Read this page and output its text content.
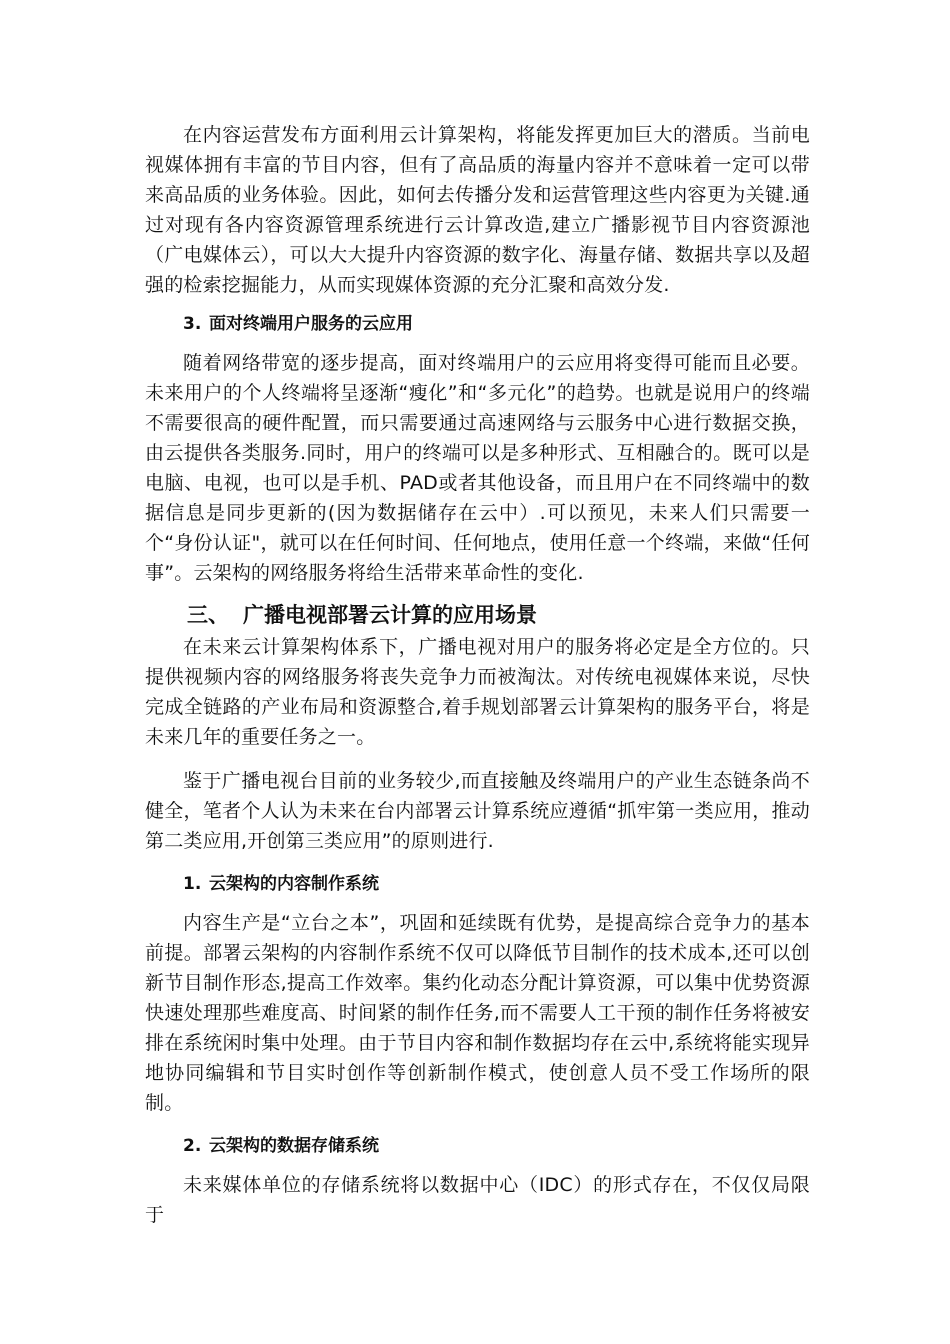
在内容运营发布方面利用云计算架构，将能发挥更加巨大的潜质。当前电视媒体拥有丰富的节目内容，但有了高品质的海量内容并不意味着一定可以带来高品质的业务体验。因此，如何去传播分发和运营管理这些内容更为关键.通过对现有各内容资源管理系统进行云计算改造,建立广播影视节目内容资源池（广电媒体云），可以大大提升内容资源的数字化、海量存储、数据共享以及超强的检索挖掘能力，从而实现媒体资源的充分汇聚和高效分发.

3. 面对终端用户服务的云应用

随着网络带宽的逐步提高，面对终端用户的云应用将变得可能而且必要。未来用户的个人终端将呈逐渐“瘦化”和“多元化”的趋势。也就是说用户的终端不需要很高的硬件配置，而只需要通过高速网络与云服务中心进行数据交换，由云提供各类服务.同时，用户的终端可以是多种形式、互相融合的。既可以是电脑、电视，也可以是手机、PAD或者其他设备，而且用户在不同终端中的数据信息是同步更新的(因为数据储存在云中）.可以预见，未来人们只需要一个“身份认证"，就可以在任何时间、任何地点，使用任意一个终端，来做“任何事”。云架构的网络服务将给生活带来革命性的变化.

三、 广播电视部署云计算的应用场景

在未来云计算架构体系下，广播电视对用户的服务将必定是全方位的。只提供视频内容的网络服务将丧失竞争力而被淘汰。对传统电视媒体来说，尽快完成全链路的产业布局和资源整合,着手规划部署云计算架构的服务平台，将是未来几年的重要任务之一。

鉴于广播电视台目前的业务较少,而直接触及终端用户的产业生态链条尚不健全，笔者个人认为未来在台内部署云计算系统应遵循“抓牢第一类应用，推动第二类应用,开创第三类应用”的原则进行.

1. 云架构的内容制作系统

内容生产是“立台之本”，巩固和延续既有优势，是提高综合竞争力的基本前提。部署云架构的内容制作系统不仅可以降低节目制作的技术成本,还可以创新节目制作形态,提高工作效率。集约化动态分配计算资源，可以集中优势资源快速处理那些难度高、时间紧的制作任务,而不需要人工干预的制作任务将被安排在系统闲时集中处理。由于节目内容和制作数据均存在云中,系统将能实现异地协同编辑和节目实时创作等创新制作模式，使创意人员不受工作场所的限制。

2. 云架构的数据存储系统

未来媒体单位的存储系统将以数据中心（IDC）的形式存在，不仅仅局限于
